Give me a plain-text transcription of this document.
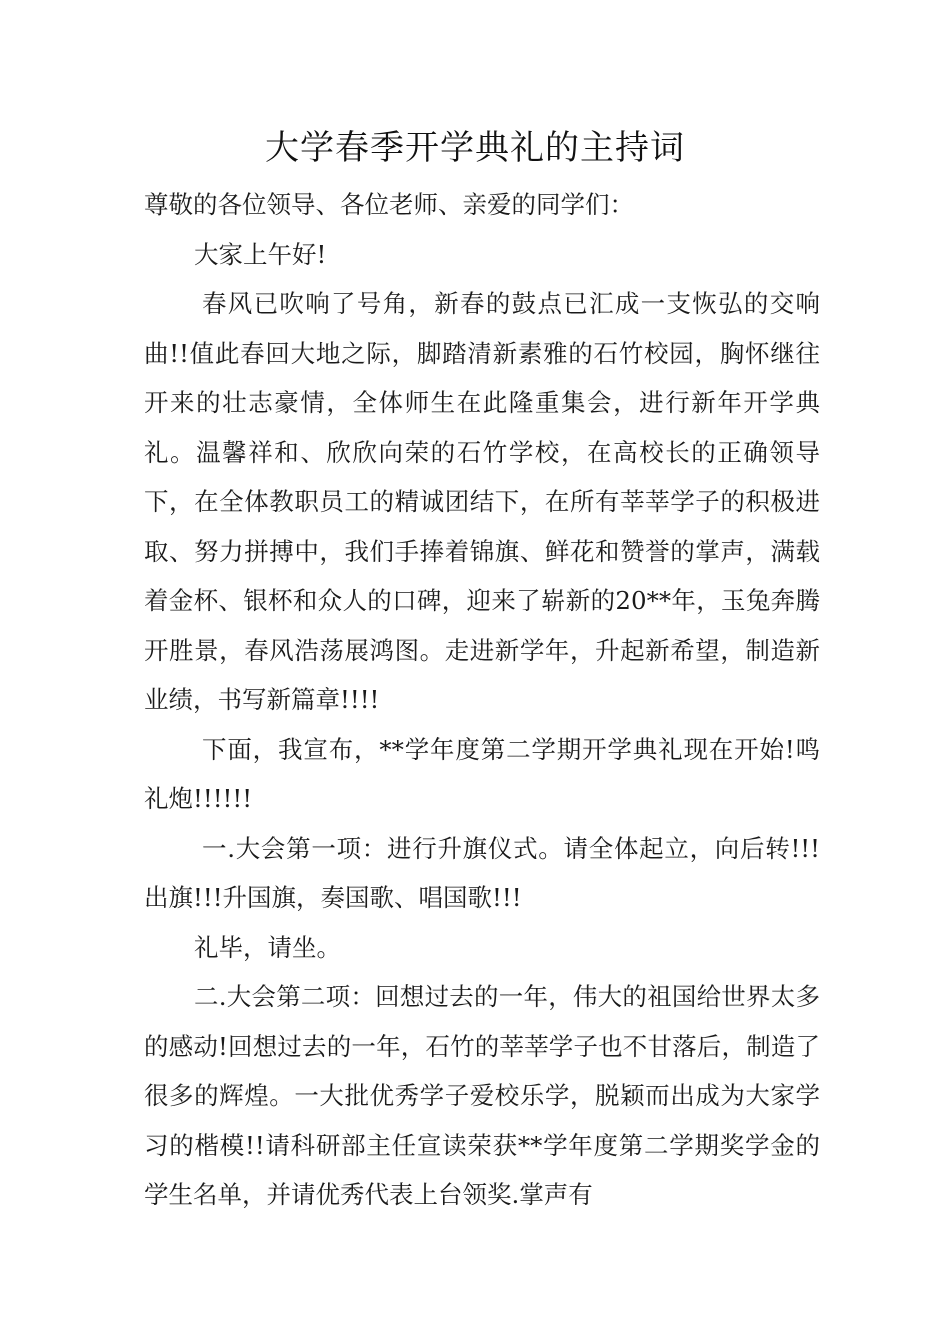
大学春季开学典礼的主持词

尊敬的各位领导、各位老师、亲爱的同学们：

大家上午好!

春风已吹响了号角，新春的鼓点已汇成一支恢弘的交响曲!!值此春回大地之际，脚踏清新素雅的石竹校园，胸怀继往开来的壮志豪情，全体师生在此隆重集会，进行新年开学典礼。温馨祥和、欣欣向荣的石竹学校，在高校长的正确领导下，在全体教职员工的精诚团结下，在所有莘莘学子的积极进取、努力拼搏中，我们手捧着锦旗、鲜花和赞誉的掌声，满载着金杯、银杯和众人的口碑，迎来了崭新的20**年，玉兔奔腾开胜景，春风浩荡展鸿图。走进新学年，升起新希望，制造新业绩，书写新篇章!!!!

下面，我宣布，**学年度第二学期开学典礼现在开始!鸣礼炮!!!!!!

一.大会第一项：进行升旗仪式。请全体起立，向后转!!!出旗!!!升国旗，奏国歌、唱国歌!!!

礼毕，请坐。

二.大会第二项：回想过去的一年，伟大的祖国给世界太多的感动!回想过去的一年，石竹的莘莘学子也不甘落后，制造了很多的辉煌。一大批优秀学子爱校乐学，脱颖而出成为大家学习的楷模!!请科研部主任宣读荣获**学年度第二学期奖学金的学生名单，并请优秀代表上台领奖.掌声有
